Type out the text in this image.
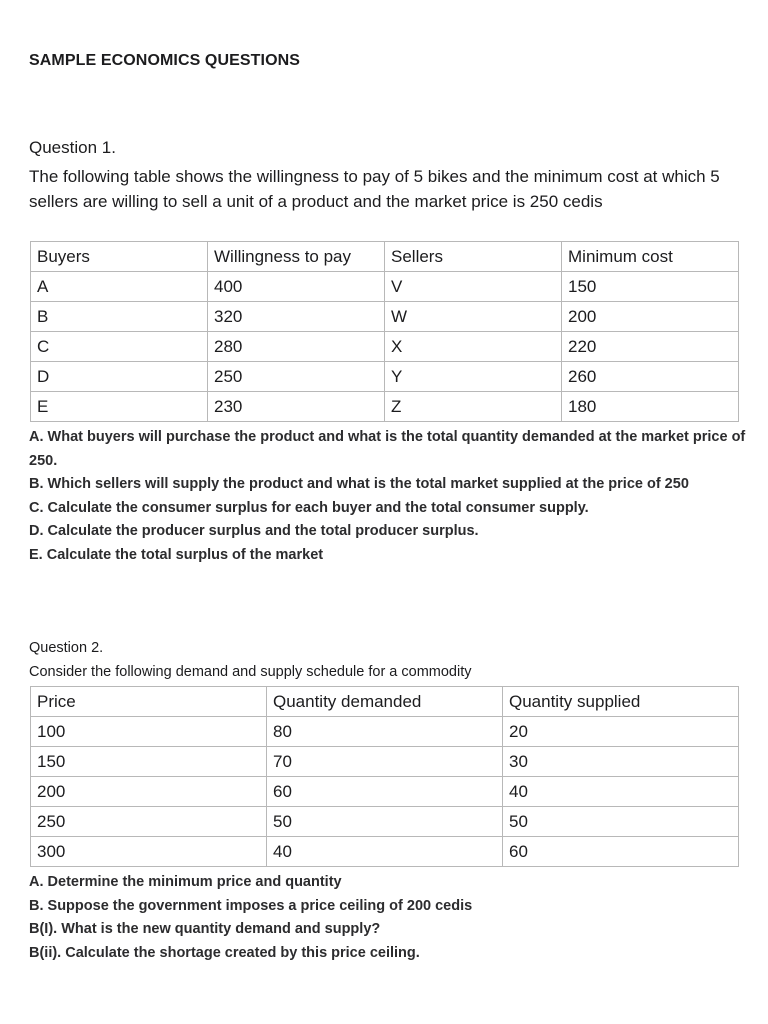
SAMPLE ECONOMICS QUESTIONS
Question 1.
The following table shows the willingness to pay of 5 bikes and the minimum cost at which 5 sellers are willing to sell a unit of a product and the market price is 250 cedis
Buyers	Willingness to pay	Sellers	Minimum cost
A	400	V	150
B	320	W	200
C	280	X	220
D	250	Y	260
E	230	Z	180
A. What buyers will purchase the product and what is the total quantity demanded at the market price of 250.
B. Which sellers will supply the product and what is the total market supplied at the price of 250
C. Calculate the consumer surplus for each buyer and the total consumer supply.
D. Calculate the producer surplus and the total producer surplus.
E. Calculate the total surplus of the market
Question 2.
Consider the following demand and supply schedule for a commodity
Price	Quantity demanded	Quantity supplied
100	80	20
150	70	30
200	60	40
250	50	50
300	40	60
A. Determine the minimum price and quantity
B. Suppose the government imposes a price ceiling of 200 cedis
B(I). What is the new quantity demand and supply?
B(ii). Calculate the shortage created by this price ceiling.
